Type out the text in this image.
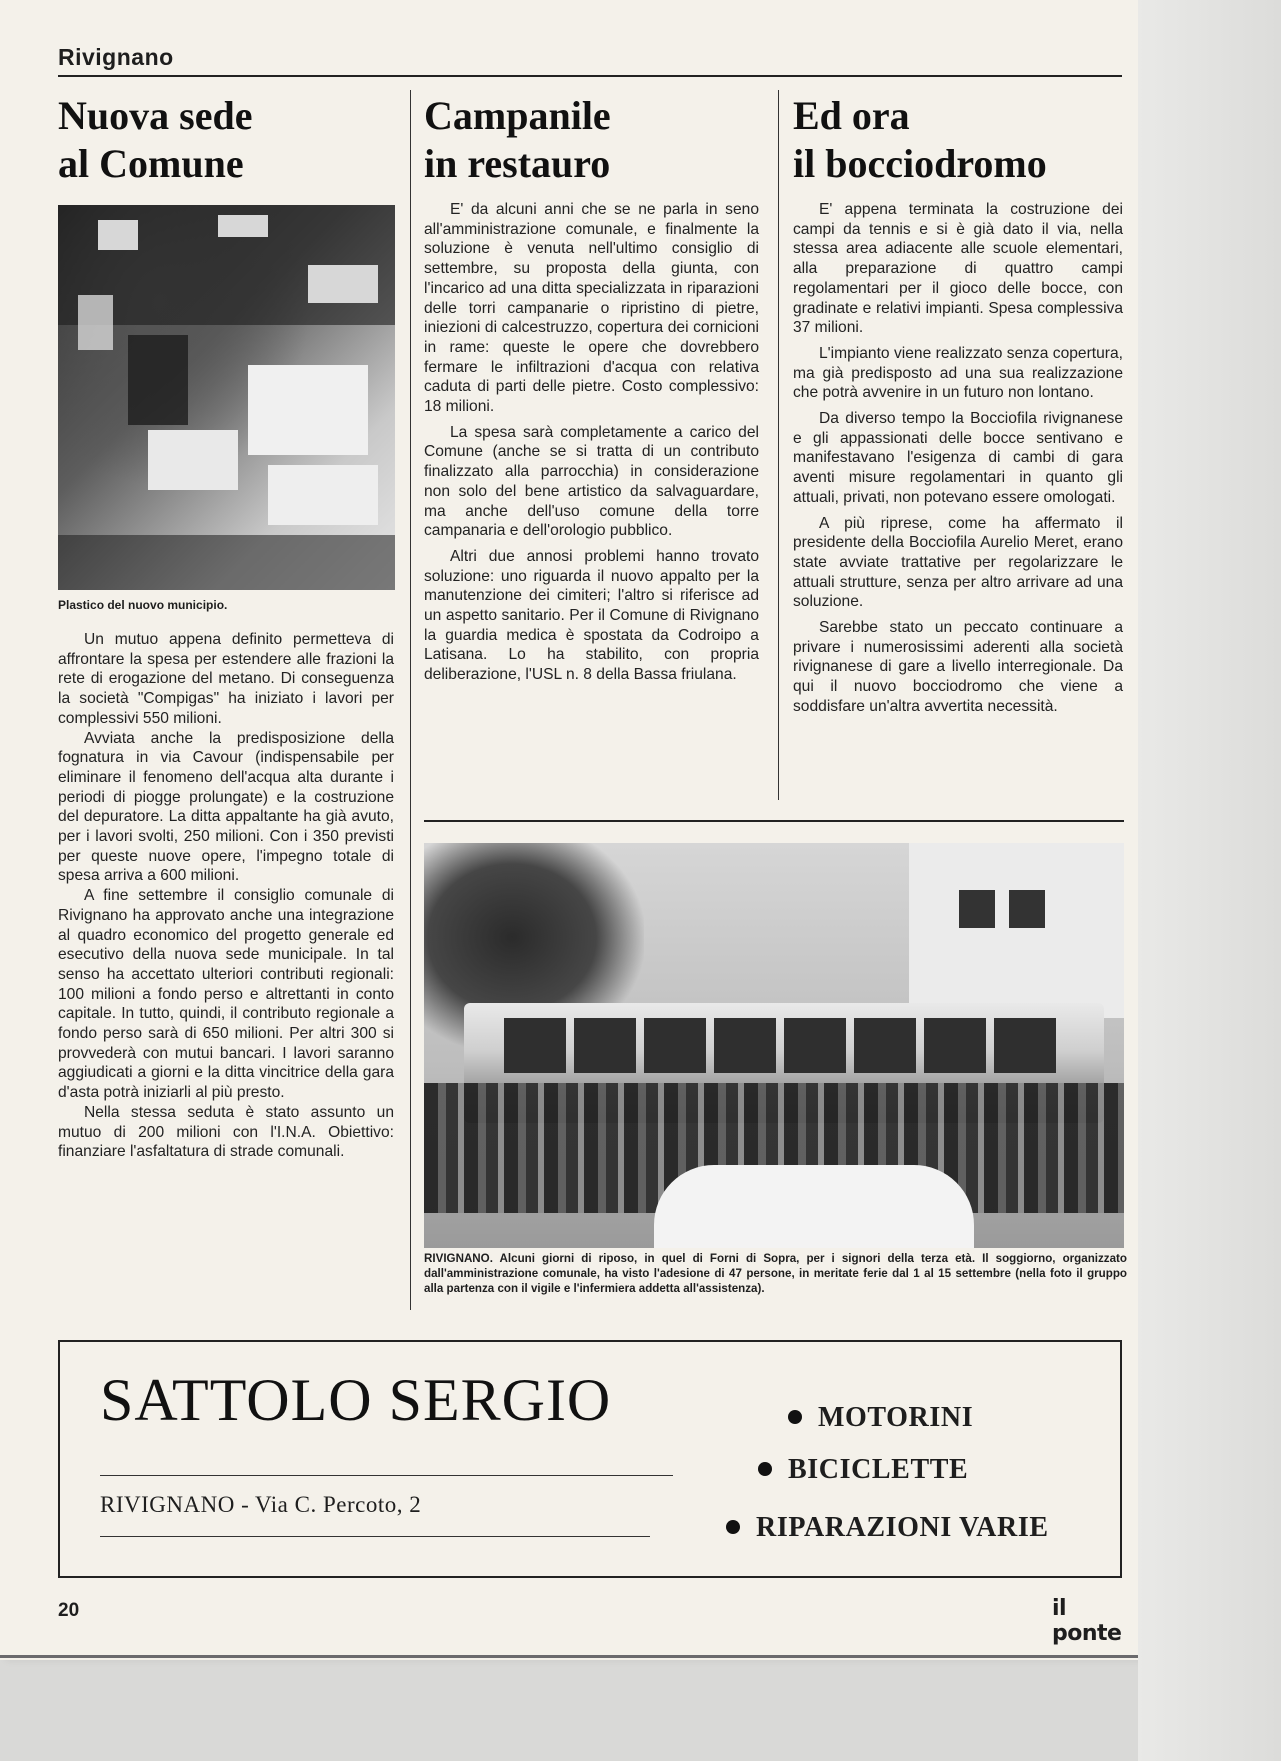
Rivignano
Nuova sede
al Comune
Plastico del nuovo municipio.

Un mutuo appena definito permetteva di affrontare la spesa per estendere alle frazioni la rete di erogazione del metano. Di conseguenza la società "Compigas" ha iniziato i lavori per complessivi 550 milioni.

Avviata anche la predisposizione della fognatura in via Cavour (indispensabile per eliminare il fenomeno dell'acqua alta durante i periodi di piogge prolungate) e la costruzione del depuratore. La ditta appaltante ha già avuto, per i lavori svolti, 250 milioni. Con i 350 previsti per queste nuove opere, l'impegno totale di spesa arriva a 600 milioni.

A fine settembre il consiglio comunale di Rivignano ha approvato anche una integrazione al quadro economico del progetto generale ed esecutivo della nuova sede municipale. In tal senso ha accettato ulteriori contributi regionali: 100 milioni a fondo perso e altrettanti in conto capitale. In tutto, quindi, il contributo regionale a fondo perso sarà di 650 milioni. Per altri 300 si provvederà con mutui bancari. I lavori saranno aggiudicati a giorni e la ditta vincitrice della gara d'asta potrà iniziarli al più presto.

Nella stessa seduta è stato assunto un mutuo di 200 milioni con l'I.N.A. Obiettivo: finanziare l'asfaltatura di strade comunali.

Campanile
in restauro

E' da alcuni anni che se ne parla in seno all'amministrazione comunale, e finalmente la soluzione è venuta nell'ultimo consiglio di settembre, su proposta della giunta, con l'incarico ad una ditta specializzata in riparazioni delle torri campanarie o ripristino di pietre, iniezioni di calcestruzzo, copertura dei cornicioni in rame: queste le opere che dovrebbero fermare le infiltrazioni d'acqua con relativa caduta di parti delle pietre. Costo complessivo: 18 milioni.

La spesa sarà completamente a carico del Comune (anche se si tratta di un contributo finalizzato alla parrocchia) in considerazione non solo del bene artistico da salvaguardare, ma anche dell'uso comune della torre campanaria e dell'orologio pubblico.

Altri due annosi problemi hanno trovato soluzione: uno riguarda il nuovo appalto per la manutenzione dei cimiteri; l'altro si riferisce ad un aspetto sanitario. Per il Comune di Rivignano la guardia medica è spostata da Codroipo a Latisana. Lo ha stabilito, con propria deliberazione, l'USL n. 8 della Bassa friulana.

Ed ora
il bocciodromo

E' appena terminata la costruzione dei campi da tennis e si è già dato il via, nella stessa area adiacente alle scuole elementari, alla preparazione di quattro campi regolamentari per il gioco delle bocce, con gradinate e relativi impianti. Spesa complessiva 37 milioni.

L'impianto viene realizzato senza copertura, ma già predisposto ad una sua realizzazione che potrà avvenire in un futuro non lontano.

Da diverso tempo la Bocciofila rivignanese e gli appassionati delle bocce sentivano e manifestavano l'esigenza di cambi di gara aventi misure regolamentari in quanto gli attuali, privati, non potevano essere omologati.

A più riprese, come ha affermato il presidente della Bocciofila Aurelio Meret, erano state avviate trattative per regolarizzare le attuali strutture, senza per altro arrivare ad una soluzione.

Sarebbe stato un peccato continuare a privare i numerosissimi aderenti alla società rivignanese di gare a livello interregionale. Da qui il nuovo bocciodromo che viene a soddisfare un'altra avvertita necessità.

RIVIGNANO. Alcuni giorni di riposo, in quel di Forni di Sopra, per i signori della terza età. Il soggiorno, organizzato dall'amministrazione comunale, ha visto l'adesione di 47 persone, in meritate ferie dal 1 al 15 settembre (nella foto il gruppo alla partenza con il vigile e l'infermiera addetta all'assistenza).
SATTOLO SERGIO
RIVIGNANO - Via C. Percoto, 2
MOTORINI
BICICLETTE
RIPARAZIONI VARIE
20	il ponte
